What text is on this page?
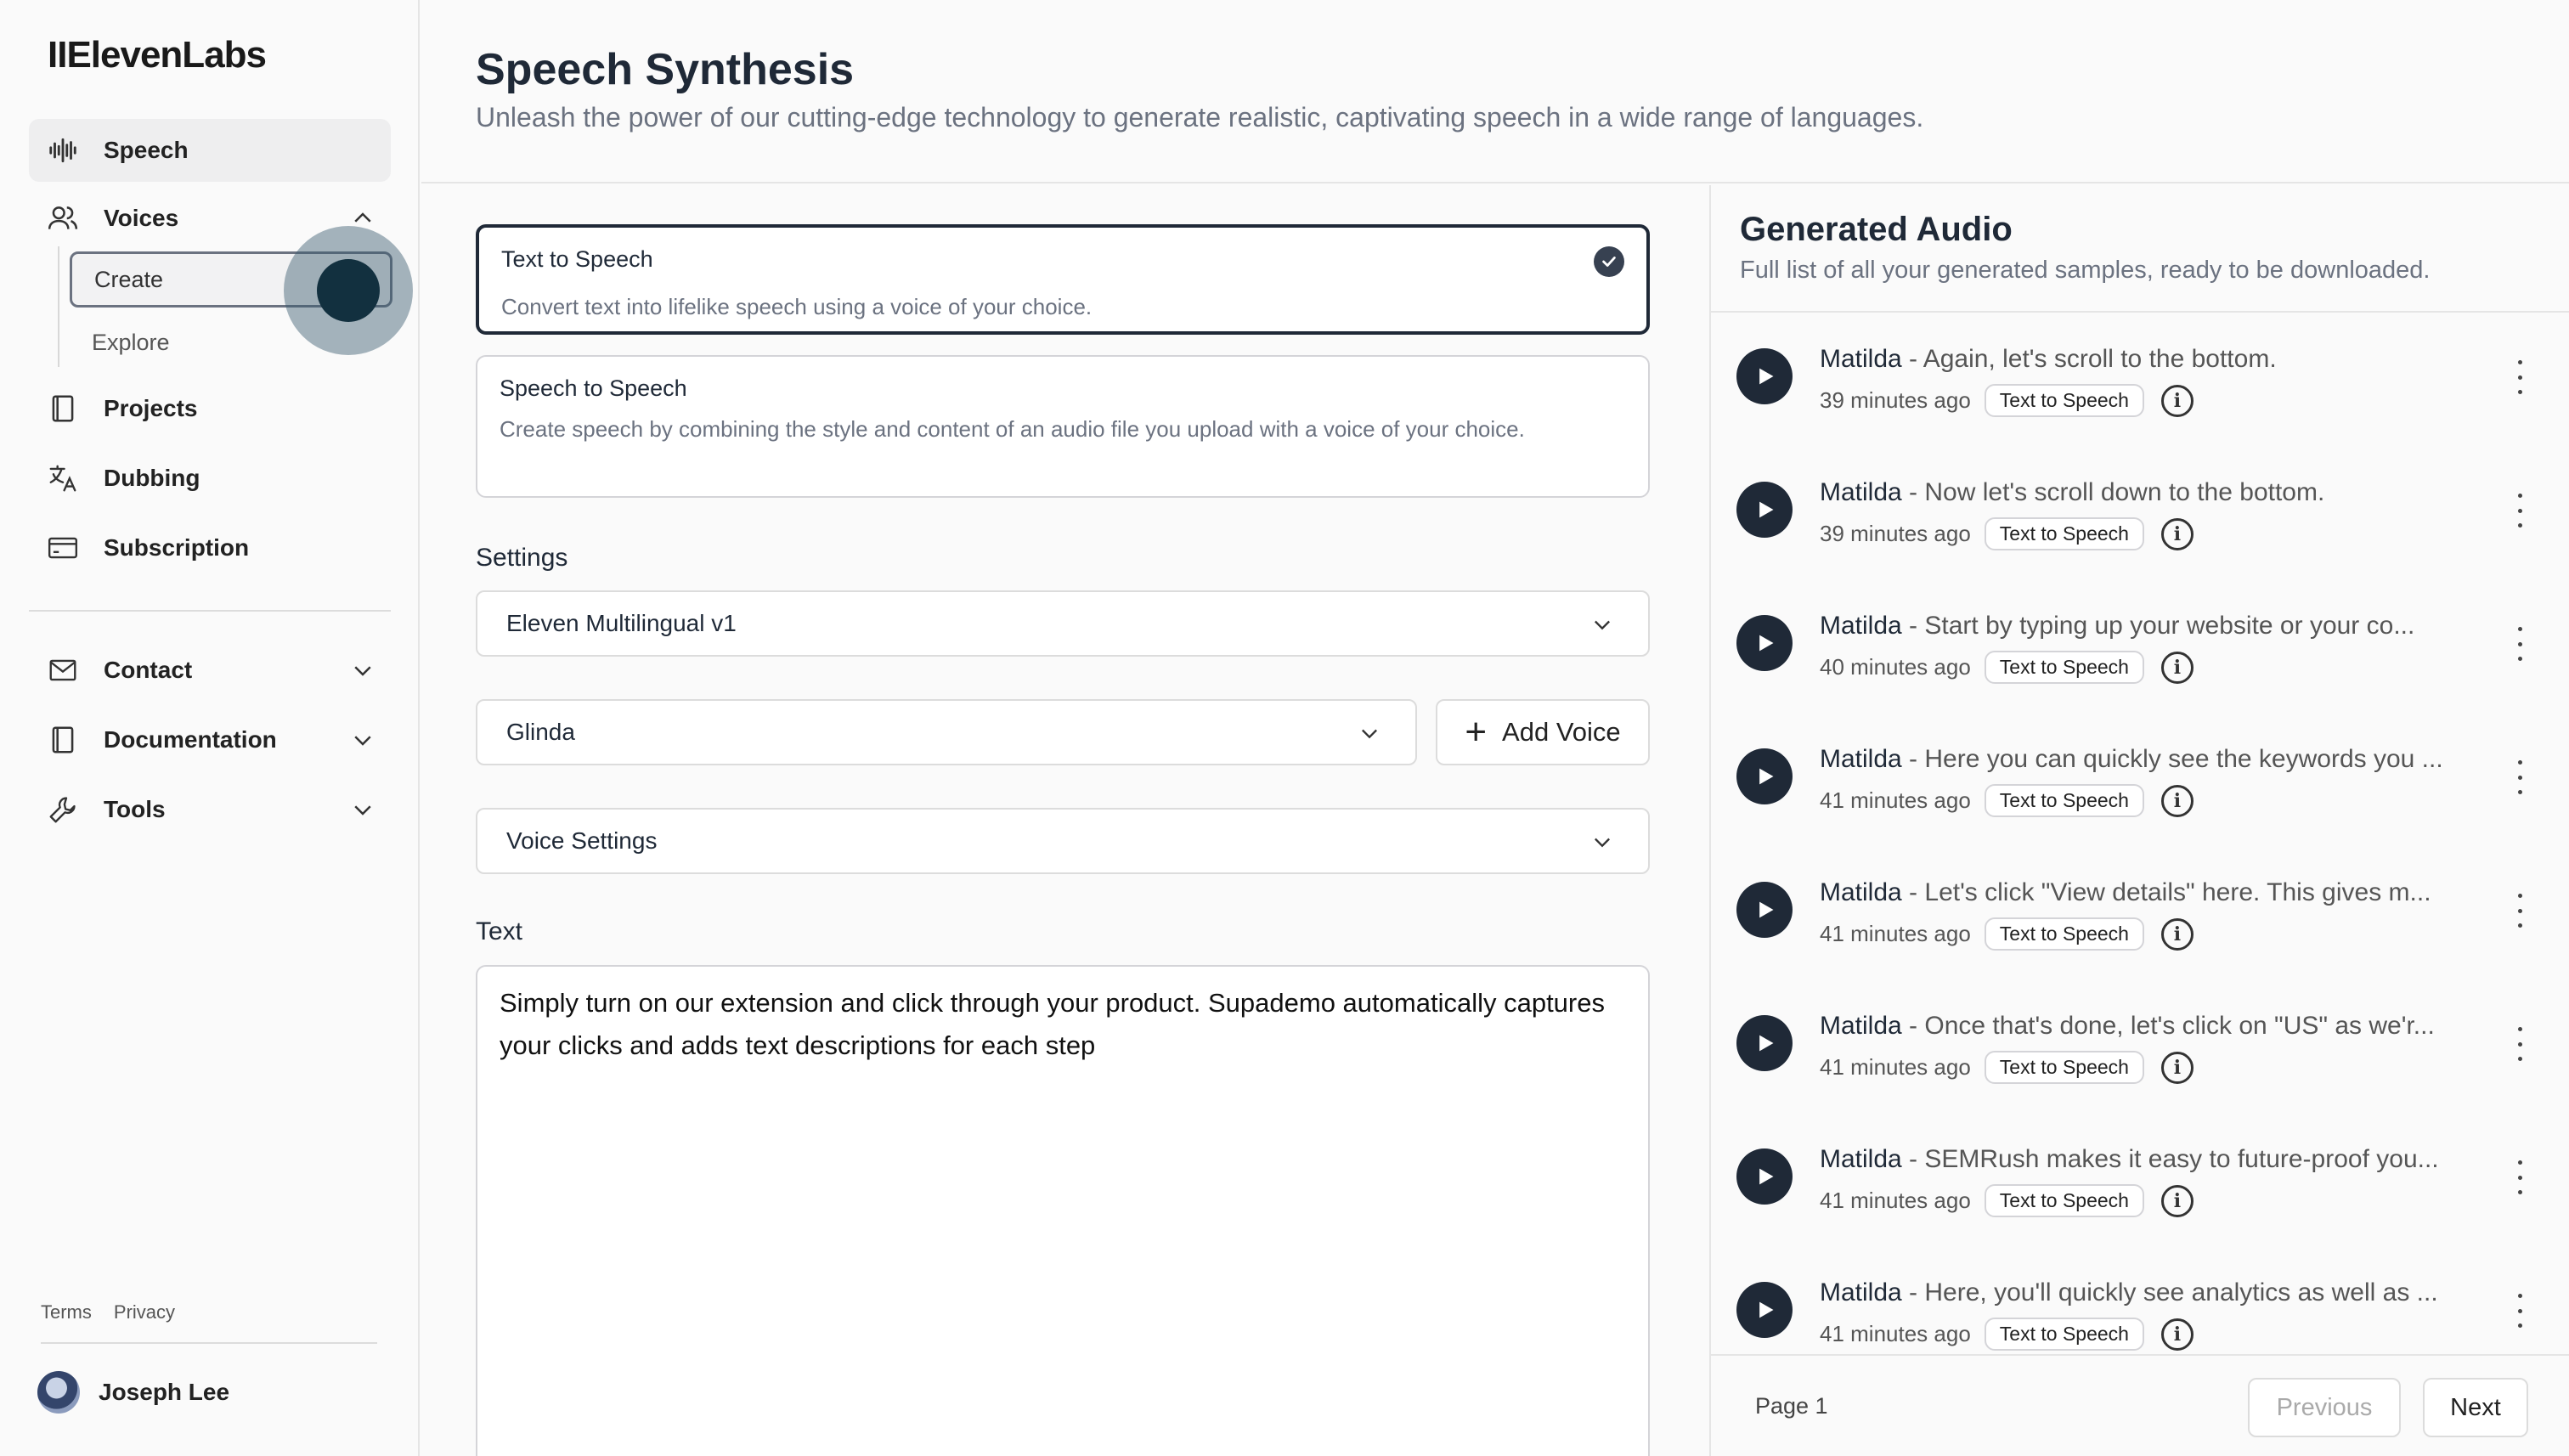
IIElevenLabs
Speech
Voices
Create
Explore
Projects
Dubbing
Subscription
Contact
Documentation
Tools
Terms Privacy
Joseph Lee
Speech Synthesis

Unleash the power of our cutting-edge technology to generate realistic, captivating speech in a wide range of languages.

Text to Speech
Convert text into lifelike speech using a voice of your choice.
Speech to Speech
Create speech by combining the style and content of an audio file you upload with a voice of your choice.
Settings
Eleven Multilingual v1
Glinda	+ Add Voice
Voice Settings
Text
Simply turn on our extension and click through your product. Supademo automatically captures your clicks and adds text descriptions for each step
Generated Audio

Full list of all your generated samples, ready to be downloaded.

Matilda - Again, let's scroll to the bottom.
39 minutes ago	Text to Speech	i
Matilda - Now let's scroll down to the bottom.
39 minutes ago	Text to Speech	i
Matilda - Start by typing up your website or your co...
40 minutes ago	Text to Speech	i
Matilda - Here you can quickly see the keywords you ...
41 minutes ago	Text to Speech	i
Matilda - Let's click "View details" here. This gives m...
41 minutes ago	Text to Speech	i
Matilda - Once that's done, let's click on "US" as we'r...
41 minutes ago	Text to Speech	i
Matilda - SEMRush makes it easy to future-proof you...
41 minutes ago	Text to Speech	i
Matilda - Here, you'll quickly see analytics as well as ...
41 minutes ago	Text to Speech	i
Page 1	Previous	Next
